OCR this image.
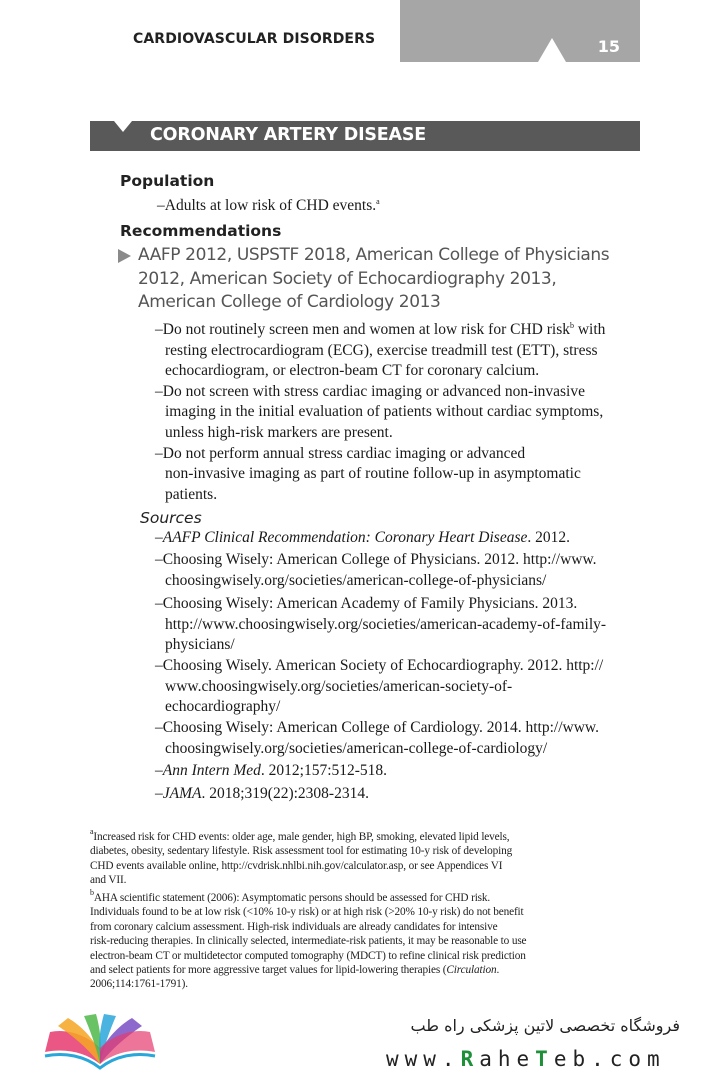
CARDIOVASCULAR DISORDERS	15
CORONARY ARTERY DISEASE
Population
–Adults at low risk of CHD events.$^a$
Recommendations
AAFP 2012, USPSTF 2018, American College of Physicians
2012, American Society of Echocardiography 2013,
American College of Cardiology 2013
–Do not routinely screen men and women at low risk for CHD risk$^b$ with
resting electrocardiogram (ECG), exercise treadmill test (ETT), stress
echocardiogram, or electron-beam CT for coronary calcium.
–Do not screen with stress cardiac imaging or advanced non-invasive
imaging in the initial evaluation of patients without cardiac symptoms,
unless high-risk markers are present.
–Do not perform annual stress cardiac imaging or advanced
non-invasive imaging as part of routine follow-up in asymptomatic
patients.
Sources
–AAFP Clinical Recommendation: Coronary Heart Disease. 2012.
–Choosing Wisely: American College of Physicians. 2012. http://www.
choosingwisely.org/societies/american-college-of-physicians/
–Choosing Wisely: American Academy of Family Physicians. 2013.
http://www.choosingwisely.org/societies/american-academy-of-family-
physicians/
–Choosing Wisely. American Society of Echocardiography. 2012. http://
www.choosingwisely.org/societies/american-society-of-
echocardiography/
–Choosing Wisely: American College of Cardiology. 2014. http://www.
choosingwisely.org/societies/american-college-of-cardiology/
–Ann Intern Med. 2012;157:512-518.
–JAMA. 2018;319(22):2308-2314.
$^a$Increased risk for CHD events: older age, male gender, high BP, smoking, elevated lipid levels,
diabetes, obesity, sedentary lifestyle. Risk assessment tool for estimating 10-y risk of developing
CHD events available online, http://cvdrisk.nhlbi.nih.gov/calculator.asp, or see Appendices VI
and VII.
$^b$AHA scientific statement (2006): Asymptomatic persons should be assessed for CHD risk.
Individuals found to be at low risk (<10% 10-y risk) or at high risk (>20% 10-y risk) do not benefit
from coronary calcium assessment. High-risk individuals are already candidates for intensive
risk-reducing therapies. In clinically selected, intermediate-risk patients, it may be reasonable to use
electron-beam CT or multidetector computed tomography (MDCT) to refine clinical risk prediction
and select patients for more aggressive target values for lipid-lowering therapies (Circulation.
2006;114:1761-1791).
فروشگاه تخصصی لاتین پزشکی راه طب
www.RaheTeb.com
